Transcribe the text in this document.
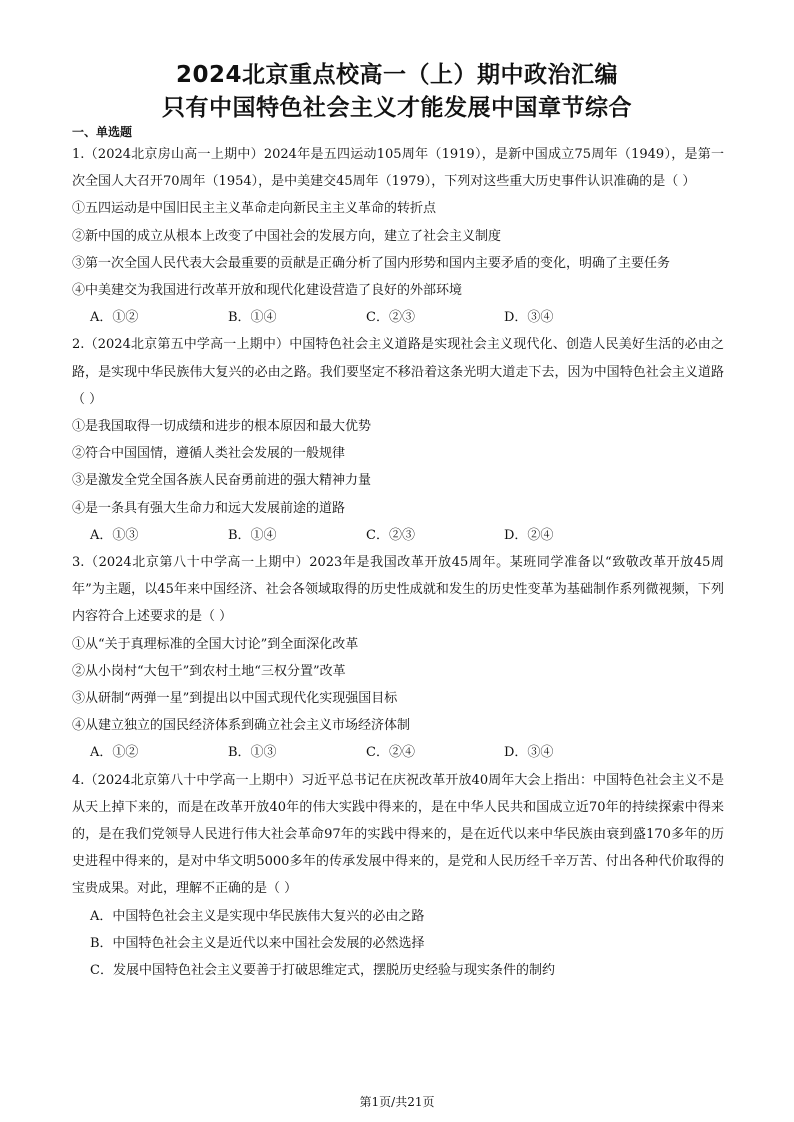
2024北京重点校高一（上）期中政治汇编
只有中国特色社会主义才能发展中国章节综合
一、单选题

1.（2024北京房山高一上期中）2024年是五四运动105周年（1919），是新中国成立75周年（1949），是第一次全国人大召开70周年（1954），是中美建交45周年（1979），下列对这些重大历史事件认识准确的是（ ）

①五四运动是中国旧民主主义革命走向新民主主义革命的转折点

②新中国的成立从根本上改变了中国社会的发展方向，建立了社会主义制度

③第一次全国人民代表大会最重要的贡献是正确分析了国内形势和国内主要矛盾的变化，明确了主要任务

④中美建交为我国进行改革开放和现代化建设营造了良好的外部环境

A．①②	B．①④	C．②③	D．③④

2.（2024北京第五中学高一上期中）中国特色社会主义道路是实现社会主义现代化、创造人民美好生活的必由之路，是实现中华民族伟大复兴的必由之路。我们要坚定不移沿着这条光明大道走下去，因为中国特色社会主义道路（ ）

①是我国取得一切成绩和进步的根本原因和最大优势

②符合中国国情，遵循人类社会发展的一般规律

③是激发全党全国各族人民奋勇前进的强大精神力量

④是一条具有强大生命力和远大发展前途的道路

A．①③	B．①④	C．②③	D．②④

3.（2024北京第八十中学高一上期中）2023年是我国改革开放45周年。某班同学准备以“致敬改革开放45周年”为主题，以45年来中国经济、社会各领域取得的历史性成就和发生的历史性变革为基础制作系列微视频，下列内容符合上述要求的是（ ）

①从“关于真理标准的全国大讨论”到全面深化改革

②从小岗村“大包干”到农村土地“三权分置”改革

③从研制“两弹一星”到提出以中国式现代化实现强国目标

④从建立独立的国民经济体系到确立社会主义市场经济体制

A．①②	B．①③	C．②④	D．③④

4.（2024北京第八十中学高一上期中）习近平总书记在庆祝改革开放40周年大会上指出：中国特色社会主义不是从天上掉下来的，而是在改革开放40年的伟大实践中得来的，是在中华人民共和国成立近70年的持续探索中得来的，是在我们党领导人民进行伟大社会革命97年的实践中得来的，是在近代以来中华民族由衰到盛170多年的历史进程中得来的，是对中华文明5000多年的传承发展中得来的，是党和人民历经千辛万苦、付出各种代价取得的宝贵成果。对此，理解不正确的是（ ）

A．中国特色社会主义是实现中华民族伟大复兴的必由之路

B．中国特色社会主义是近代以来中国社会发展的必然选择

C．发展中国特色社会主义要善于打破思维定式，摆脱历史经验与现实条件的制约

第1页/共21页
